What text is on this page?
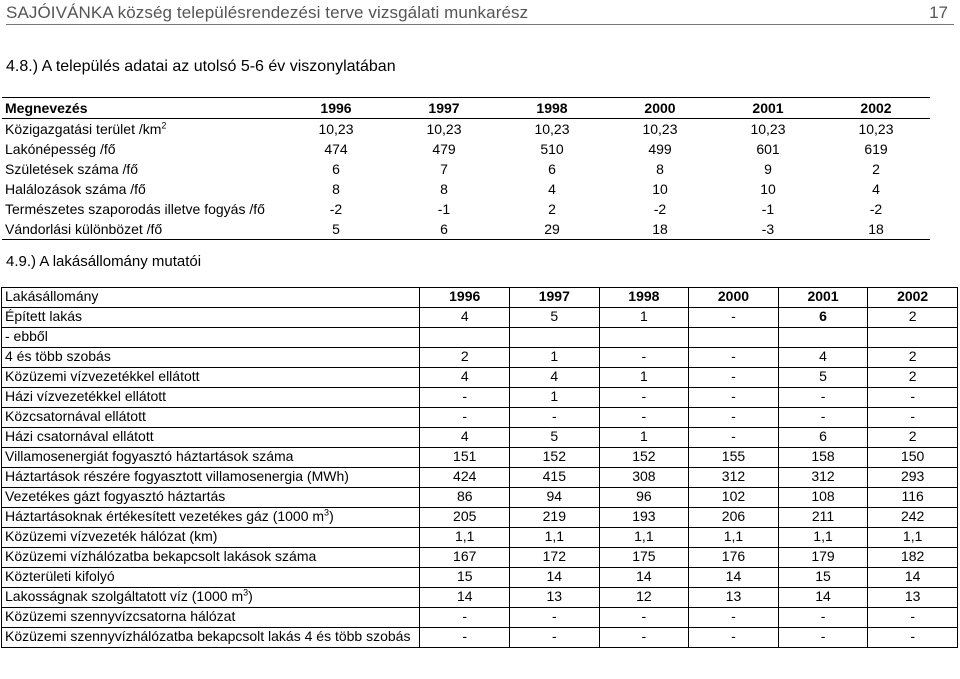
SAJÓIVÁNKA község településrendezési terve vizsgálati munkarész	17
4.8.) A település adatai az utolsó 5-6 év viszonylatában
Megnevezés	1996	1997	1998	2000	2001	2002
Közigazgatási terület $/km^2$	10,23	10,23	10,23	10,23	10,23	10,23
Lakónépesség /fő	474	479	510	499	601	619
Születések száma /fő	6	7	6	8	9	2
Halálozások száma /fő	8	8	4	10	10	4
Természetes szaporodás illetve fogyás /fő	-2	-1	2	-2	-1	-2
Vándorlási különbözet /fő	5	6	29	18	-3	18
4.9.) A lakásállomány mutatói
Lakásállomány	1996	1997	1998	2000	2001	2002
Épített lakás	4	5	1	-	6	2
- ebből						
4 és több szobás	2	1	-	-	4	2
Közüzemi vízvezetékkel ellátott	4	4	1	-	5	2
Házi vízvezetékkel ellátott	-	1	-	-	-	-
Közcsatornával ellátott	-	-	-	-	-	-
Házi csatornával ellátott	4	5	1	-	6	2
Villamosenergiát fogyasztó háztartások száma	151	152	152	155	158	150
Háztartások részére fogyasztott villamosenergia (MWh)	424	415	308	312	312	293
Vezetékes gázt fogyasztó háztartás	86	94	96	102	108	116
Háztartásoknak értékesített vezetékes gáz (1000 $m^3$)	205	219	193	206	211	242
Közüzemi vízvezeték hálózat (km)	1,1	1,1	1,1	1,1	1,1	1,1
Közüzemi vízhálózatba bekapcsolt lakások száma	167	172	175	176	179	182
Közterületi kifolyó	15	14	14	14	15	14
Lakosságnak szolgáltatott víz (1000 $m^3$)	14	13	12	13	14	13
Közüzemi szennyvízcsatorna hálózat	-	-	-	-	-	-
Közüzemi szennyvízhálózatba bekapcsolt lakás 4 és több szobás	-	-	-	-	-	-
